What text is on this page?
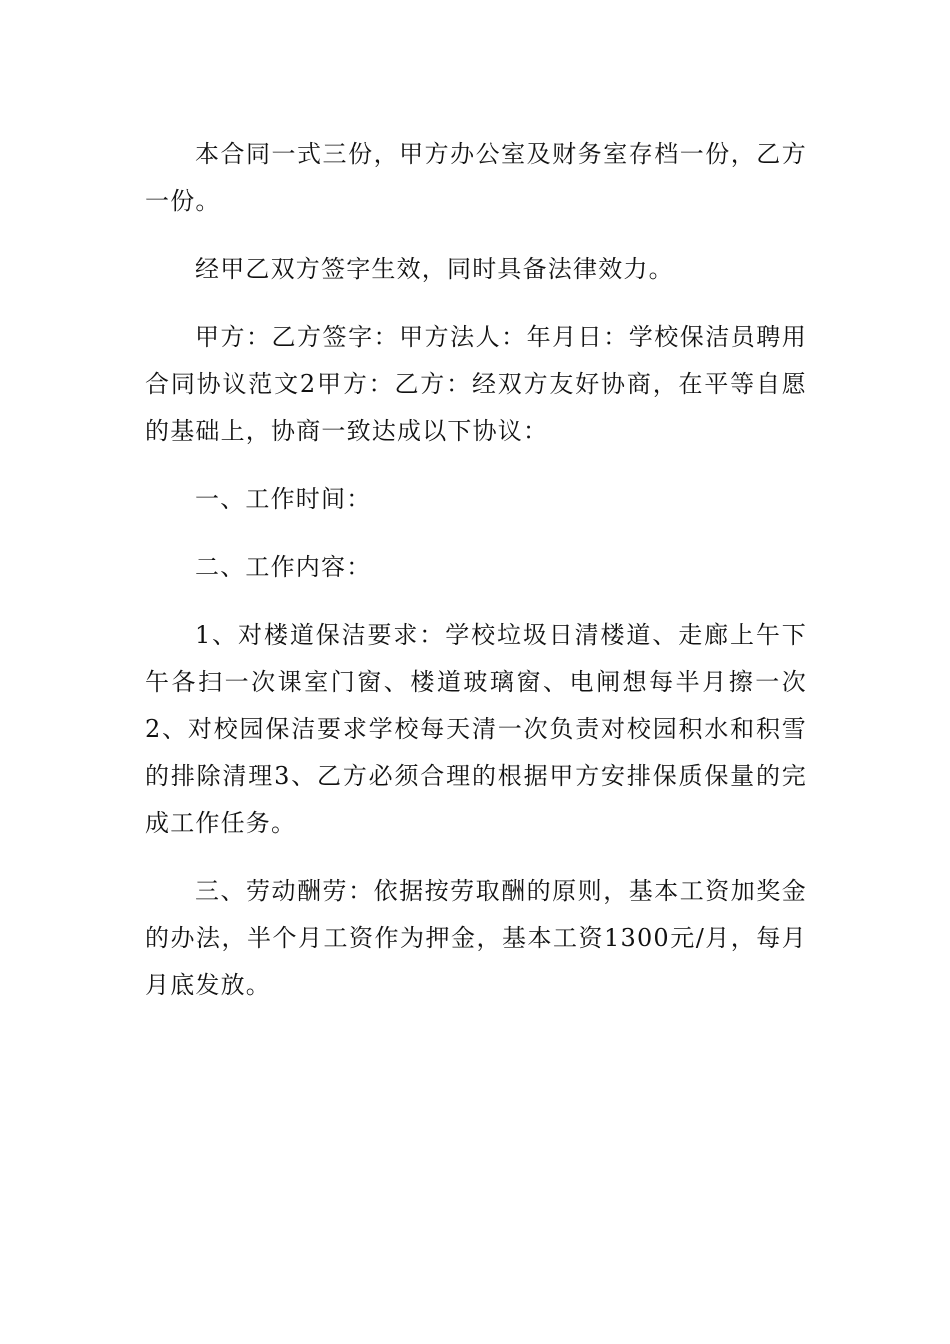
本合同一式三份，甲方办公室及财务室存档一份，乙方一份。

经甲乙双方签字生效，同时具备法律效力。

甲方：乙方签字：甲方法人：年月日：学校保洁员聘用合同协议范文2甲方：乙方：经双方友好协商，在平等自愿的基础上，协商一致达成以下协议：

一、工作时间：

二、工作内容：

1、对楼道保洁要求：学校垃圾日清楼道、走廊上午下午各扫一次课室门窗、楼道玻璃窗、电闸想每半月擦一次2、对校园保洁要求学校每天清一次负责对校园积水和积雪的排除清理3、乙方必须合理的根据甲方安排保质保量的完成工作任务。

三、劳动酬劳：依据按劳取酬的原则，基本工资加奖金的办法，半个月工资作为押金，基本工资1300元/月，每月月底发放。
